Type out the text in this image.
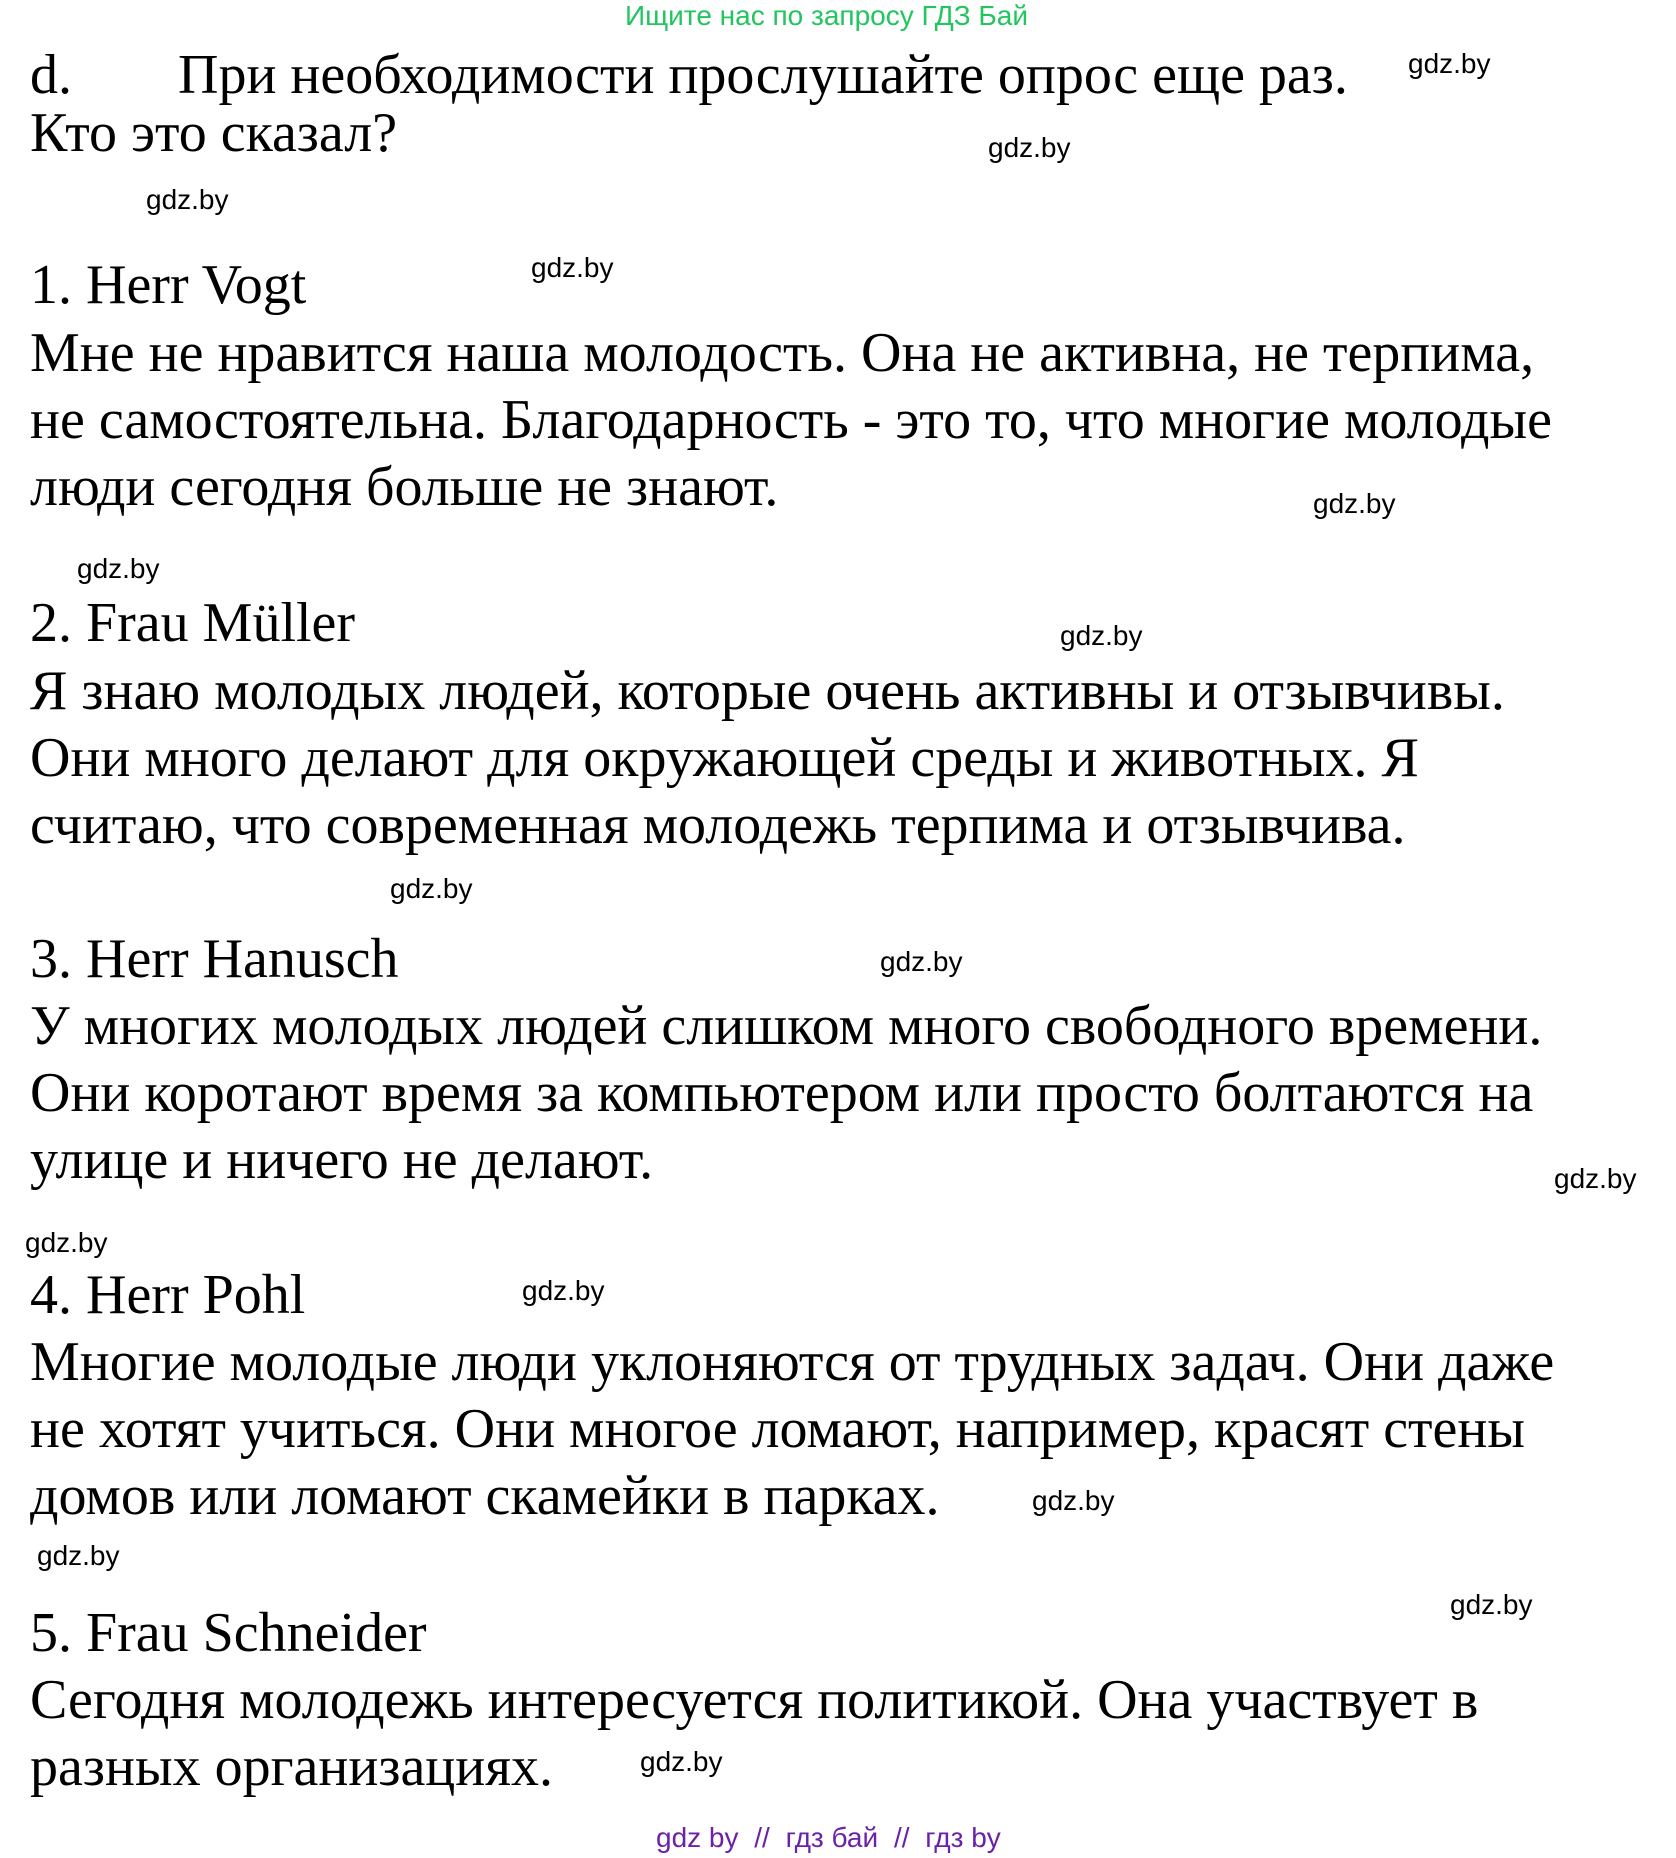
Ищите нас по запросу ГДЗ Бай
d. При необходимости прослушайте опрос еще раз.
Кто это сказал?
1. Herr Vogt
Мне не нравится наша молодость. Она не активна, не терпима,
не самостоятельна. Благодарность - это то, что многие молодые
люди сегодня больше не знают.
2. Frau Müller
Я знаю молодых людей, которые очень активны и отзывчивы.
Они много делают для окружающей среды и животных. Я
считаю, что современная молодежь терпима и отзывчива.
3. Herr Hanusch
У многих молодых людей слишком много свободного времени.
Они коротают время за компьютером или просто болтаются на
улице и ничего не делают.
4. Herr Pohl
Многие молодые люди уклоняются от трудных задач. Они даже
не хотят учиться. Они многое ломают, например, красят стены
домов или ломают скамейки в парках.
5. Frau Schneider
Сегодня молодежь интересуется политикой. Она участвует в
разных организациях.
gdz.by
gdz.by
gdz.by
gdz.by
gdz.by
gdz.by
gdz.by
gdz.by
gdz.by
gdz.by
gdz.by
gdz.by
gdz.by
gdz.by
gdz.by
gdz.by
gdz by // гдз бай // гдз by
